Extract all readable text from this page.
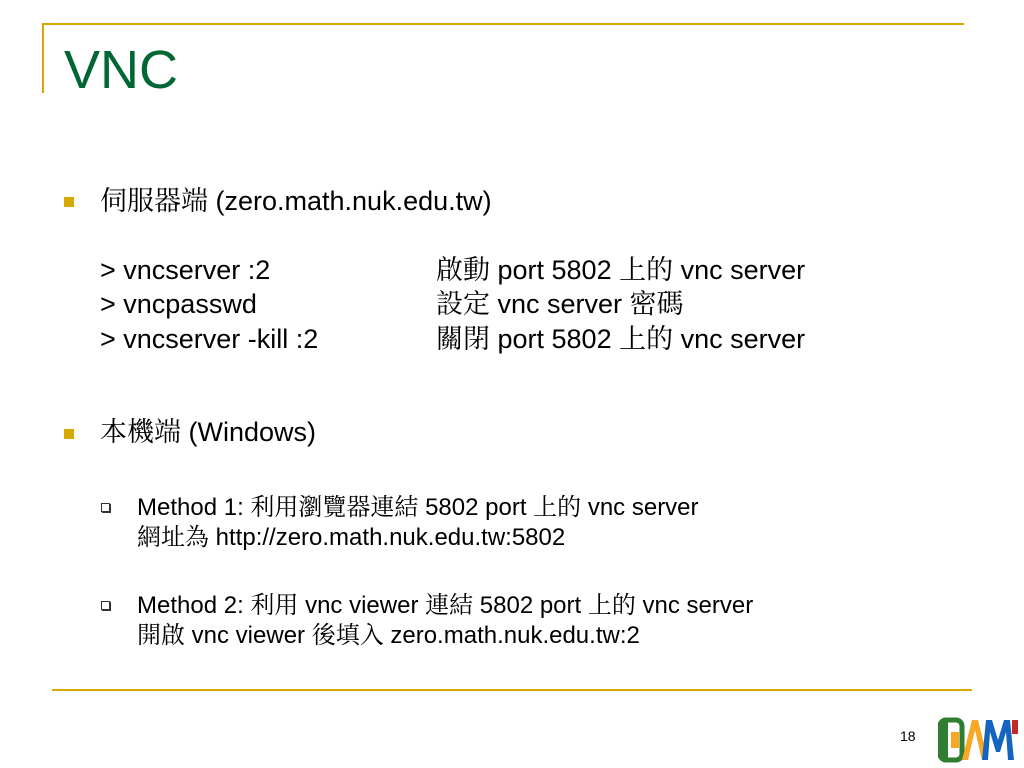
VNC
伺服器端 (zero.math.nuk.edu.tw)
> vncserver :2	啟動 port 5802 上的 vnc server
> vncpasswd	設定 vnc server 密碼
> vncserver -kill :2	關閉 port 5802 上的 vnc server
本機端 (Windows)
Method 1: 利用瀏覽器連結 5802 port 上的 vnc server
網址為 http://zero.math.nuk.edu.tw:5802
Method 2: 利用 vnc viewer 連結 5802 port 上的 vnc server
開啟 vnc viewer 後填入 zero.math.nuk.edu.tw:2
18
